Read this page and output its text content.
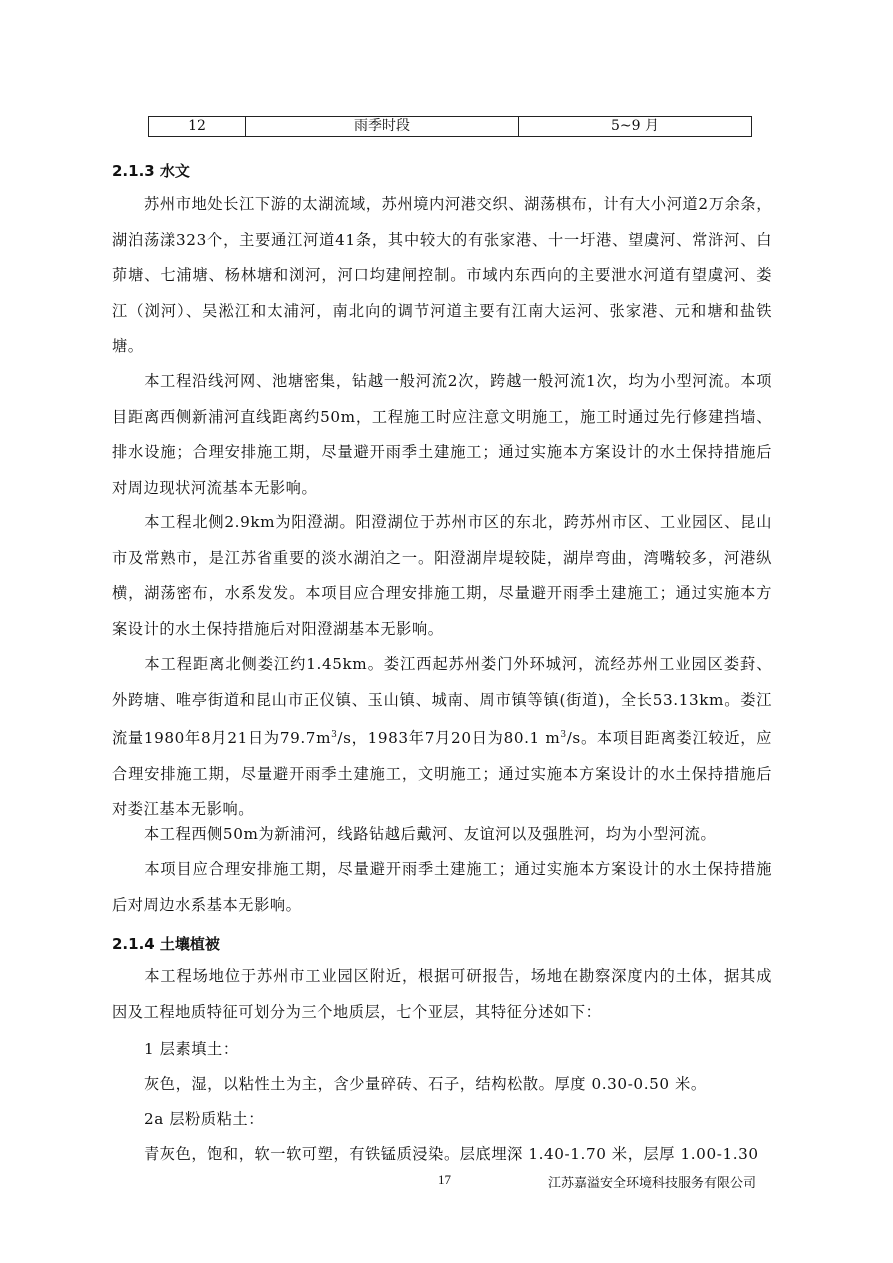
12	雨季时段	5~9 月
2.1.3 水文
苏州市地处长江下游的太湖流域，苏州境内河港交织、湖荡棋布，计有大小河道2万余条，湖泊荡漾323个，主要通江河道41条，其中较大的有张家港、十一圩港、望虞河、常浒河、白茆塘、七浦塘、杨林塘和浏河，河口均建闸控制。市域内东西向的主要泄水河道有望虞河、娄江（浏河）、吴淞江和太浦河，南北向的调节河道主要有江南大运河、张家港、元和塘和盐铁塘。
本工程沿线河网、池塘密集，钻越一般河流2次，跨越一般河流1次，均为小型河流。本项目距离西侧新浦河直线距离约50m，工程施工时应注意文明施工，施工时通过先行修建挡墙、排水设施；合理安排施工期，尽量避开雨季土建施工；通过实施本方案设计的水土保持措施后对周边现状河流基本无影响。
本工程北侧2.9km为阳澄湖。阳澄湖位于苏州市区的东北，跨苏州市区、工业园区、昆山市及常熟市，是江苏省重要的淡水湖泊之一。阳澄湖岸堤较陡，湖岸弯曲，湾嘴较多，河港纵横，湖荡密布，水系发发。本项目应合理安排施工期，尽量避开雨季土建施工；通过实施本方案设计的水土保持措施后对阳澄湖基本无影响。
本工程距离北侧娄江约1.45km。娄江西起苏州娄门外环城河，流经苏州工业园区娄葑、外跨塘、唯亭街道和昆山市正仪镇、玉山镇、城南、周市镇等镇(街道)，全长53.13km。娄江流量1980年8月21日为$79.7m^3/s$，1983年7月20日为80.1 $m^3/s$。本项目距离娄江较近，应合理安排施工期，尽量避开雨季土建施工，文明施工；通过实施本方案设计的水土保持措施后对娄江基本无影响。
本工程西侧50m为新浦河，线路钻越后戴河、友谊河以及强胜河，均为小型河流。
本项目应合理安排施工期，尽量避开雨季土建施工；通过实施本方案设计的水土保持措施后对周边水系基本无影响。
2.1.4 土壤植被
本工程场地位于苏州市工业园区附近，根据可研报告，场地在勘察深度内的土体，据其成因及工程地质特征可划分为三个地质层，七个亚层，其特征分述如下：
1 层素填土：
灰色，湿，以粘性土为主，含少量碎砖、石子，结构松散。厚度 0.30-0.50 米。
2a 层粉质粘土：
青灰色，饱和，软一软可塑，有铁锰质浸染。层底埋深 1.40-1.70 米，层厚 1.00-1.30
17	江苏嘉溢安全环境科技服务有限公司
